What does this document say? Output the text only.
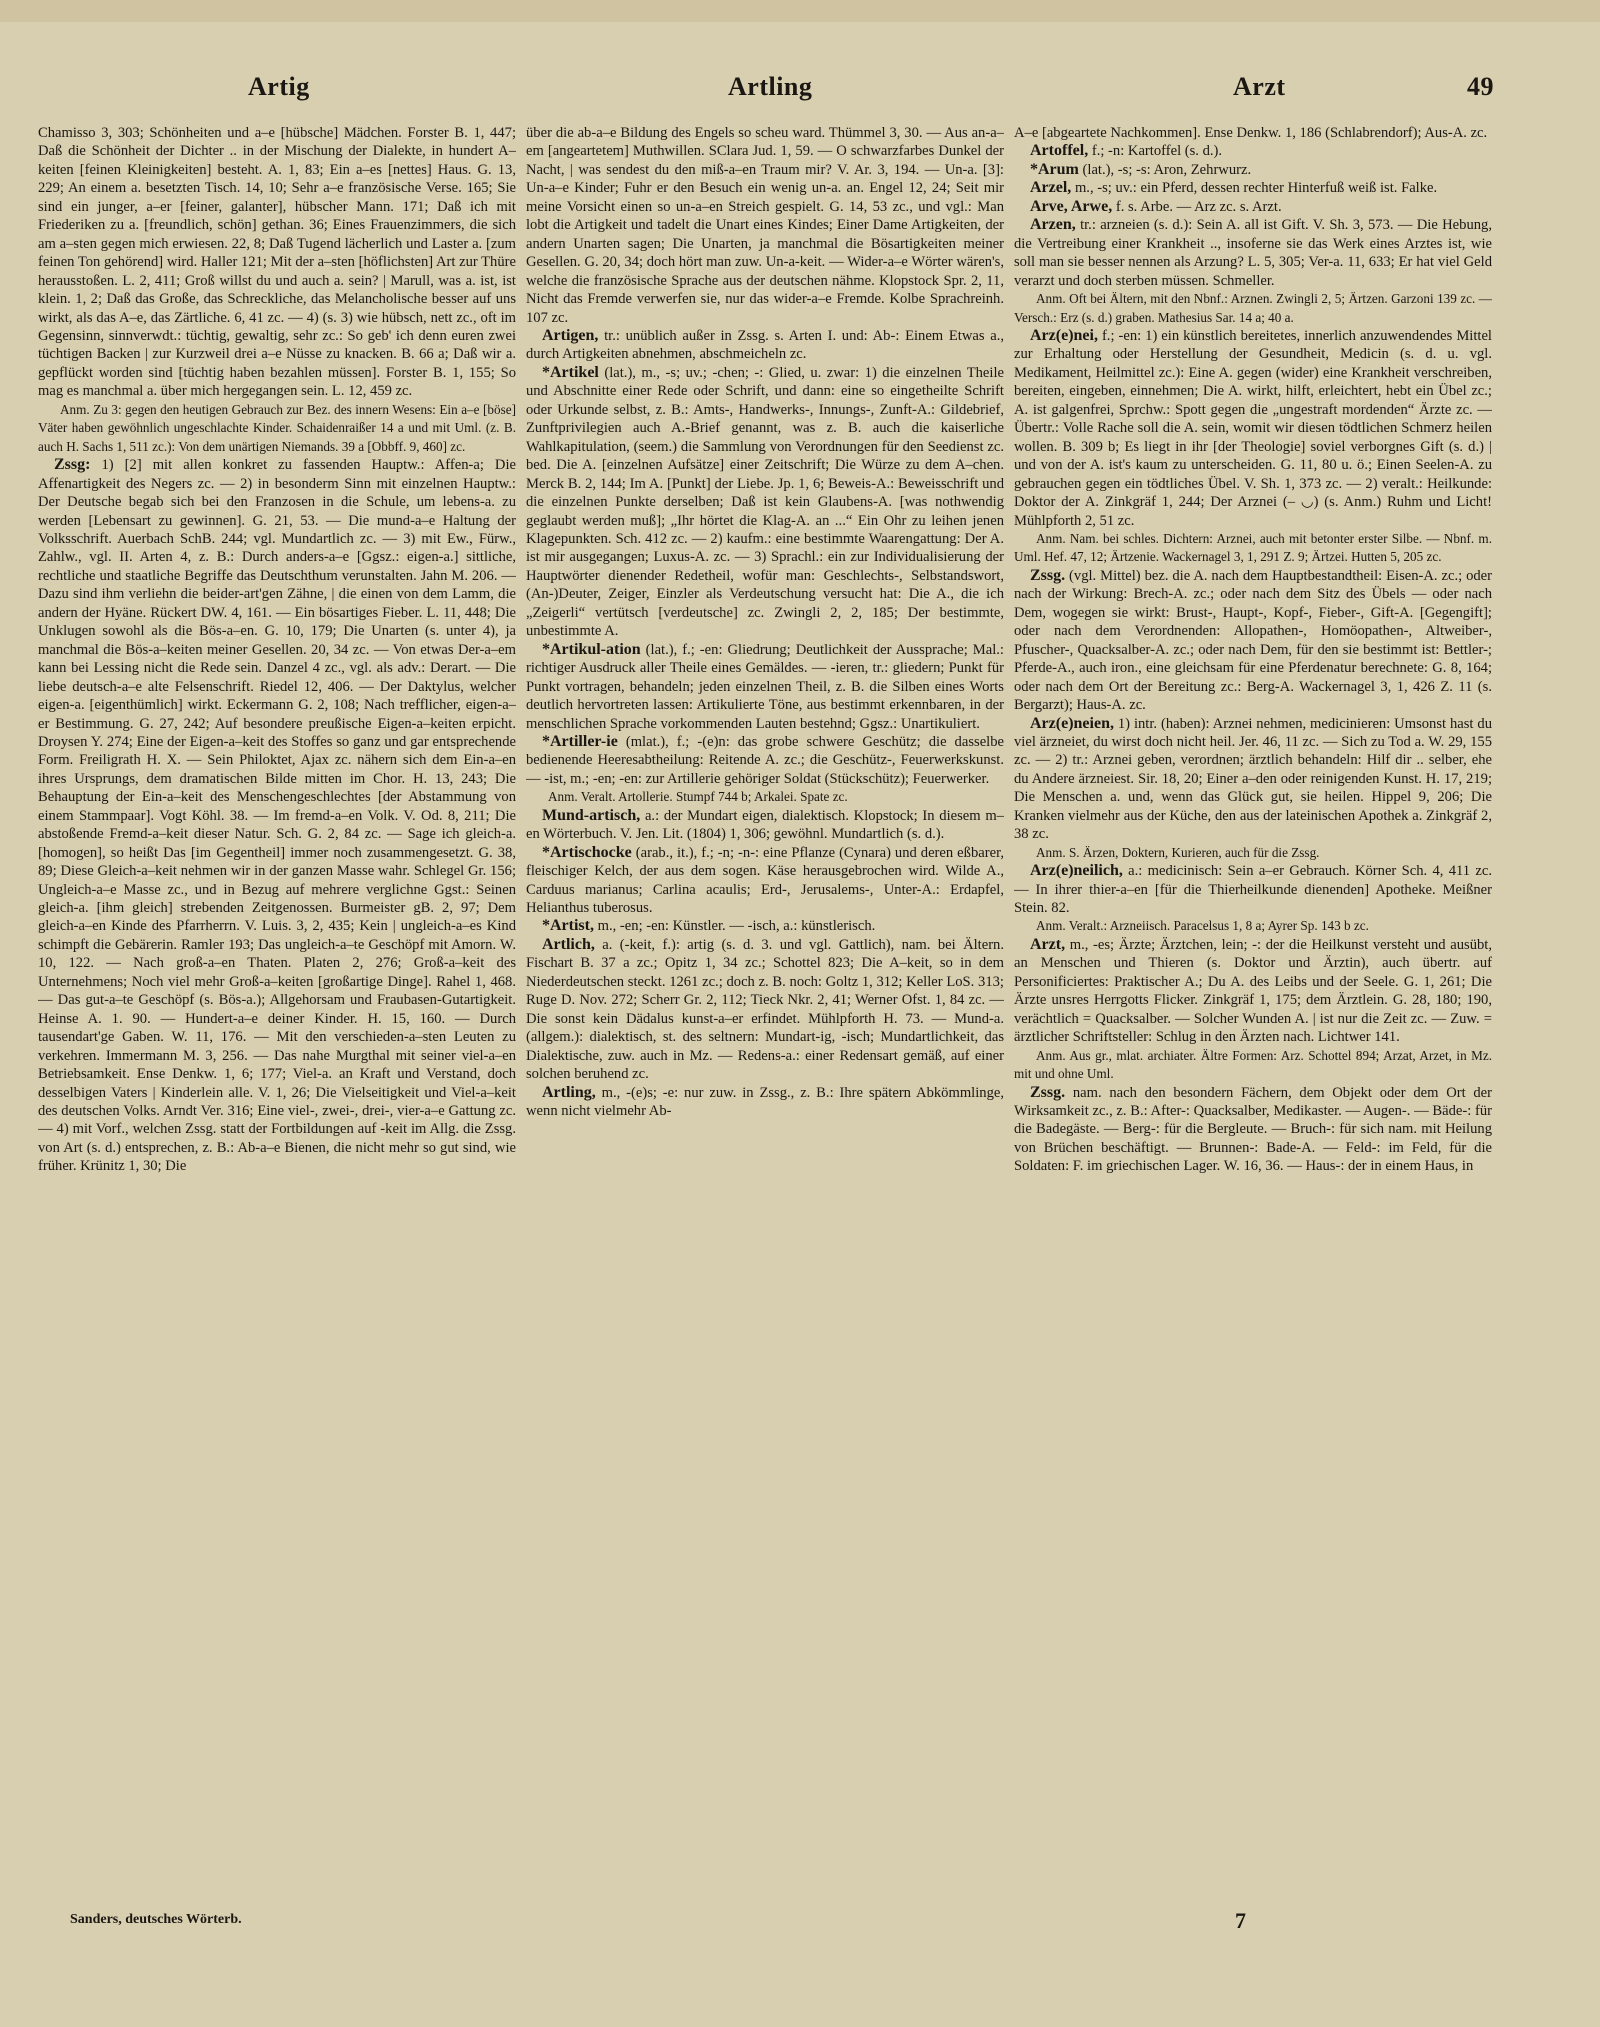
Artig	Artling	Arzt	49

Chamisso 3, 303; Schönheiten und a–e [hübsche] Mädchen. Forster B. 1, 447; Daß die Schönheit der Dichter .. in der Mischung der Dialekte, in hundert A–keiten [feinen Kleinigkeiten] besteht. A. 1, 83; Ein a–es [nettes] Haus. G. 13, 229; An einem a. besetzten Tisch. 14, 10; Sehr a–e französische Verse. 165; Sie sind ein junger, a–er [feiner, galanter], hübscher Mann. 171; Daß ich mit Friederiken zu a. [freundlich, schön] gethan. 36; Eines Frauenzimmers, die sich am a–sten gegen mich erwiesen. 22, 8; Daß Tugend lächerlich und Laster a. [zum feinen Ton gehörend] wird. Haller 121; Mit der a–sten [höflichsten] Art zur Thüre herausstoßen. L. 2, 411; Groß willst du und auch a. sein? | Marull, was a. ist, ist klein. 1, 2; Daß das Große, das Schreckliche, das Melancholische besser auf uns wirkt, als das A–e, das Zärtliche. 6, 41 zc. — 4) (s. 3) wie hübsch, nett zc., oft im Gegensinn, sinnverwdt.: tüchtig, gewaltig, sehr zc.: So geb' ich denn euren zwei tüchtigen Backen | zur Kurzweil drei a–e Nüsse zu knacken. B. 66 a; Daß wir a. gepflückt worden sind [tüchtig haben bezahlen müssen]. Forster B. 1, 155; So mag es manchmal a. über mich hergegangen sein. L. 12, 459 zc.

Anm. Zu 3: gegen den heutigen Gebrauch zur Bez. des innern Wesens: Ein a–e [böse] Väter haben gewöhnlich ungeschlachte Kinder. Schaidenraißer 14 a und mit Uml. (z. B. auch H. Sachs 1, 511 zc.): Von dem unärtigen Niemands. 39 a [Obbff. 9, 460] zc.

Zssg: 1) [2] mit allen konkret zu fassenden Hauptw.: Affen-a; Die Affenartigkeit des Negers zc. — 2) in besonderm Sinn mit einzelnen Hauptw.: Der Deutsche begab sich bei den Franzosen in die Schule, um lebens-a. zu werden [Lebensart zu gewinnen]. G. 21, 53. — Die mund-a–e Haltung der Volksschrift. Auerbach SchB. 244; vgl. Mundartlich zc. — 3) mit Ew., Fürw., Zahlw., vgl. II. Arten 4, z. B.: Durch anders-a–e [Ggsz.: eigen-a.] sittliche, rechtliche und staatliche Begriffe das Deutschthum verunstalten. Jahn M. 206. — Dazu sind ihm verliehn die beider-art'gen Zähne, | die einen von dem Lamm, die andern der Hyäne. Rückert DW. 4, 161. — Ein bösartiges Fieber. L. 11, 448; Die Unklugen sowohl als die Bös-a–en. G. 10, 179; Die Unarten (s. unter 4), ja manchmal die Bös-a–keiten meiner Gesellen. 20, 34 zc. — Von etwas Der-a–em kann bei Lessing nicht die Rede sein. Danzel 4 zc., vgl. als adv.: Derart. — Die liebe deutsch-a–e alte Felsenschrift. Riedel 12, 406. — Der Daktylus, welcher eigen-a. [eigenthümlich] wirkt. Eckermann G. 2, 108; Nach trefflicher, eigen-a–er Bestimmung. G. 27, 242; Auf besondere preußische Eigen-a–keiten erpicht. Droysen Y. 274; Eine der Eigen-a–keit des Stoffes so ganz und gar entsprechende Form. Freiligrath H. X. — Sein Philoktet, Ajax zc. nähern sich dem Ein-a–en ihres Ursprungs, dem dramatischen Bilde mitten im Chor. H. 13, 243; Die Behauptung der Ein-a–keit des Menschengeschlechtes [der Abstammung von einem Stammpaar]. Vogt Köhl. 38. — Im fremd-a–en Volk. V. Od. 8, 211; Die abstoßende Fremd-a–keit dieser Natur. Sch. G. 2, 84 zc. — Sage ich gleich-a. [homogen], so heißt Das [im Gegentheil] immer noch zusammengesetzt. G. 38, 89; Diese Gleich-a–keit nehmen wir in der ganzen Masse wahr. Schlegel Gr. 156; Ungleich-a–e Masse zc., und in Bezug auf mehrere verglichne Ggst.: Seinen gleich-a. [ihm gleich] strebenden Zeitgenossen. Burmeister gB. 2, 97; Dem gleich-a–en Kinde des Pfarrherrn. V. Luis. 3, 2, 435; Kein | ungleich-a–es Kind schimpft die Gebärerin. Ramler 193; Das ungleich-a–te Geschöpf mit Amorn. W. 10, 122. — Nach groß-a–en Thaten. Platen 2, 276; Groß-a–keit des Unternehmens; Noch viel mehr Groß-a–keiten [großartige Dinge]. Rahel 1, 468. — Das gut-a–te Geschöpf (s. Bös-a.); Allgehorsam und Fraubasen-Gutartigkeit. Heinse A. 1. 90. — Hundert-a–e deiner Kinder. H. 15, 160. — Durch tausendart'ge Gaben. W. 11, 176. — Mit den verschieden-a–sten Leuten zu verkehren. Immermann M. 3, 256. — Das nahe Murgthal mit seiner viel-a–en Betriebsamkeit. Ense Denkw. 1, 6; 177; Viel-a. an Kraft und Verstand, doch desselbigen Vaters | Kinderlein alle. V. 1, 26; Die Vielseitigkeit und Viel-a–keit des deutschen Volks. Arndt Ver. 316; Eine viel-, zwei-, drei-, vier-a–e Gattung zc. — 4) mit Vorf., welchen Zssg. statt der Fortbildungen auf -keit im Allg. die Zssg. von Art (s. d.) entsprechen, z. B.: Ab-a–e Bienen, die nicht mehr so gut sind, wie früher. Krünitz 1, 30; Die

über die ab-a–e Bildung des Engels so scheu ward. Thümmel 3, 30. — Aus an-a–em [angeartetem] Muthwillen. SClara Jud. 1, 59. — O schwarzfarbes Dunkel der Nacht, | was sendest du den miß-a–en Traum mir? V. Ar. 3, 194. — Un-a. [3]: Un-a–e Kinder; Fuhr er den Besuch ein wenig un-a. an. Engel 12, 24; Seit mir meine Vorsicht einen so un-a–en Streich gespielt. G. 14, 53 zc., und vgl.: Man lobt die Artigkeit und tadelt die Unart eines Kindes; Einer Dame Artigkeiten, der andern Unarten sagen; Die Unarten, ja manchmal die Bösartigkeiten meiner Gesellen. G. 20, 34; doch hört man zuw. Un-a-keit. — Wider-a–e Wörter wären's, welche die französische Sprache aus der deutschen nähme. Klopstock Spr. 2, 11, Nicht das Fremde verwerfen sie, nur das wider-a–e Fremde. Kolbe Sprachreinh. 107 zc.

Artigen, tr.: unüblich außer in Zssg. s. Arten I. und: Ab-: Einem Etwas a., durch Artigkeiten abnehmen, abschmeicheln zc.

*Artikel (lat.), m., -s; uv.; -chen; -: Glied, u. zwar: 1) die einzelnen Theile und Abschnitte einer Rede oder Schrift, und dann: eine so eingetheilte Schrift oder Urkunde selbst, z. B.: Amts-, Handwerks-, Innungs-, Zunft-A.: Gildebrief, Zunftprivilegien auch A.-Brief genannt, was z. B. auch die kaiserliche Wahlkapitulation, (seem.) die Sammlung von Verordnungen für den Seedienst zc. bed. Die A. [einzelnen Aufsätze] einer Zeitschrift; Die Würze zu dem A–chen. Merck B. 2, 144; Im A. [Punkt] der Liebe. Jp. 1, 6; Beweis-A.: Beweisschrift und die einzelnen Punkte derselben; Daß ist kein Glaubens-A. [was nothwendig geglaubt werden muß]; „Ihr hörtet die Klag-A. an ...“ Ein Ohr zu leihen jenen Klagepunkten. Sch. 412 zc. — 2) kaufm.: eine bestimmte Waarengattung: Der A. ist mir ausgegangen; Luxus-A. zc. — 3) Sprachl.: ein zur Individualisierung der Hauptwörter dienender Redetheil, wofür man: Geschlechts-, Selbstandswort, (An-)Deuter, Zeiger, Einzler als Verdeutschung versucht hat: Die A., die ich „Zeigerli“ vertütsch [verdeutsche] zc. Zwingli 2, 2, 185; Der bestimmte, unbestimmte A.

*Artikul-ation (lat.), f.; -en: Gliedrung; Deutlichkeit der Aussprache; Mal.: richtiger Ausdruck aller Theile eines Gemäldes. — -ieren, tr.: gliedern; Punkt für Punkt vortragen, behandeln; jeden einzelnen Theil, z. B. die Silben eines Worts deutlich hervortreten lassen: Artikulierte Töne, aus bestimmt erkennbaren, in der menschlichen Sprache vorkommenden Lauten bestehnd; Ggsz.: Unartikuliert.

*Artiller-ie (mlat.), f.; -(e)n: das grobe schwere Geschütz; die dasselbe bedienende Heeresabtheilung: Reitende A. zc.; die Geschütz-, Feuerwerkskunst. — -ist, m.; -en; -en: zur Artillerie gehöriger Soldat (Stückschütz); Feuerwerker.

Anm. Veralt. Artollerie. Stumpf 744 b; Arkalei. Spate zc.

Mund-artisch, a.: der Mundart eigen, dialektisch. Klopstock; In diesem m–en Wörterbuch. V. Jen. Lit. (1804) 1, 306; gewöhnl. Mundartlich (s. d.).

*Artischocke (arab., it.), f.; -n; -n-: eine Pflanze (Cynara) und deren eßbarer, fleischiger Kelch, der aus dem sogen. Käse herausgebrochen wird. Wilde A., Carduus marianus; Carlina acaulis; Erd-, Jerusalems-, Unter-A.: Erdapfel, Helianthus tuberosus.

*Artist, m., -en; -en: Künstler. — -isch, a.: künstlerisch.

Artlich, a. (-keit, f.): artig (s. d. 3. und vgl. Gattlich), nam. bei Ältern. Fischart B. 37 a zc.; Opitz 1, 34 zc.; Schottel 823; Die A–keit, so in dem Niederdeutschen steckt. 1261 zc.; doch z. B. noch: Goltz 1, 312; Keller LoS. 313; Ruge D. Nov. 272; Scherr Gr. 2, 112; Tieck Nkr. 2, 41; Werner Ofst. 1, 84 zc. — Die sonst kein Dädalus kunst-a–er erfindet. Mühlpforth H. 73. — Mund-a. (allgem.): dialektisch, st. des seltnern: Mundart-ig, -isch; Mundartlichkeit, das Dialektische, zuw. auch in Mz. — Redens-a.: einer Redensart gemäß, auf einer solchen beruhend zc.

Artling, m., -(e)s; -e: nur zuw. in Zssg., z. B.: Ihre spätern Abkömmlinge, wenn nicht vielmehr Ab-

A–e [abgeartete Nachkommen]. Ense Denkw. 1, 186 (Schlabrendorf); Aus-A. zc.

Artoffel, f.; -n: Kartoffel (s. d.).

*Arum (lat.), -s; -s: Aron, Zehrwurz.

Arzel, m., -s; uv.: ein Pferd, dessen rechter Hinterfuß weiß ist. Falke.

Arve, Arwe, f. s. Arbe. — Arz zc. s. Arzt.

Arzen, tr.: arzneien (s. d.): Sein A. all ist Gift. V. Sh. 3, 573. — Die Hebung, die Vertreibung einer Krankheit .., insoferne sie das Werk eines Arztes ist, wie soll man sie besser nennen als Arzung? L. 5, 305; Ver-a. 11, 633; Er hat viel Geld verarzt und doch sterben müssen. Schmeller.

Anm. Oft bei Ältern, mit den Nbnf.: Arznen. Zwingli 2, 5; Ärtzen. Garzoni 139 zc. — Versch.: Erz (s. d.) graben. Mathesius Sar. 14 a; 40 a.

Arz(e)nei, f.; -en: 1) ein künstlich bereitetes, innerlich anzuwendendes Mittel zur Erhaltung oder Herstellung der Gesundheit, Medicin (s. d. u. vgl. Medikament, Heilmittel zc.): Eine A. gegen (wider) eine Krankheit verschreiben, bereiten, eingeben, einnehmen; Die A. wirkt, hilft, erleichtert, hebt ein Übel zc.; A. ist galgenfrei, Sprchw.: Spott gegen die „ungestraft mordenden“ Ärzte zc. — Übertr.: Volle Rache soll die A. sein, womit wir diesen tödtlichen Schmerz heilen wollen. B. 309 b; Es liegt in ihr [der Theologie] soviel verborgnes Gift (s. d.) | und von der A. ist's kaum zu unterscheiden. G. 11, 80 u. ö.; Einen Seelen-A. zu gebrauchen gegen ein tödtliches Übel. V. Sh. 1, 373 zc. — 2) veralt.: Heilkunde: Doktor der A. Zinkgräf 1, 244; Der Arznei (– ◡) (s. Anm.) Ruhm und Licht! Mühlpforth 2, 51 zc.

Anm. Nam. bei schles. Dichtern: Arznei, auch mit betonter erster Silbe. — Nbnf. m. Uml. Hef. 47, 12; Ärtzenie. Wackernagel 3, 1, 291 Z. 9; Ärtzei. Hutten 5, 205 zc.

Zssg. (vgl. Mittel) bez. die A. nach dem Hauptbestandtheil: Eisen-A. zc.; oder nach der Wirkung: Brech-A. zc.; oder nach dem Sitz des Übels — oder nach Dem, wogegen sie wirkt: Brust-, Haupt-, Kopf-, Fieber-, Gift-A. [Gegengift]; oder nach dem Verordnenden: Allopathen-, Homöopathen-, Altweiber-, Pfuscher-, Quacksalber-A. zc.; oder nach Dem, für den sie bestimmt ist: Bettler-; Pferde-A., auch iron., eine gleichsam für eine Pferdenatur berechnete: G. 8, 164; oder nach dem Ort der Bereitung zc.: Berg-A. Wackernagel 3, 1, 426 Z. 11 (s. Bergarzt); Haus-A. zc.

Arz(e)neien, 1) intr. (haben): Arznei nehmen, medicinieren: Umsonst hast du viel ärzneiet, du wirst doch nicht heil. Jer. 46, 11 zc. — Sich zu Tod a. W. 29, 155 zc. — 2) tr.: Arznei geben, verordnen; ärztlich behandeln: Hilf dir .. selber, ehe du Andere ärzneiest. Sir. 18, 20; Einer a–den oder reinigenden Kunst. H. 17, 219; Die Menschen a. und, wenn das Glück gut, sie heilen. Hippel 9, 206; Die Kranken vielmehr aus der Küche, den aus der lateinischen Apothek a. Zinkgräf 2, 38 zc.

Anm. S. Ärzen, Doktern, Kurieren, auch für die Zssg.

Arz(e)neilich, a.: medicinisch: Sein a–er Gebrauch. Körner Sch. 4, 411 zc. — In ihrer thier-a–en [für die Thierheilkunde dienenden] Apotheke. Meißner Stein. 82.

Anm. Veralt.: Arzneiisch. Paracelsus 1, 8 a; Ayrer Sp. 143 b zc.

Arzt, m., -es; Ärzte; Ärztchen, lein; -: der die Heilkunst versteht und ausübt, an Menschen und Thieren (s. Doktor und Ärztin), auch übertr. auf Personificiertes: Praktischer A.; Du A. des Leibs und der Seele. G. 1, 261; Die Ärzte unsres Herrgotts Flicker. Zinkgräf 1, 175; dem Ärztlein. G. 28, 180; 190, verächtlich = Quacksalber. — Solcher Wunden A. | ist nur die Zeit zc. — Zuw. = ärztlicher Schriftsteller: Schlug in den Ärzten nach. Lichtwer 141.

Anm. Aus gr., mlat. archiater. Ältre Formen: Arz. Schottel 894; Arzat, Arzet, in Mz. mit und ohne Uml.

Zssg. nam. nach den besondern Fächern, dem Objekt oder dem Ort der Wirksamkeit zc., z. B.: After-: Quacksalber, Medikaster. — Augen-. — Bäde-: für die Badegäste. — Berg-: für die Bergleute. — Bruch-: für sich nam. mit Heilung von Brüchen beschäftigt. — Brunnen-: Bade-A. — Feld-: im Feld, für die Soldaten: F. im griechischen Lager. W. 16, 36. — Haus-: der in einem Haus, in

Sanders, deutsches Wörterb.	7
